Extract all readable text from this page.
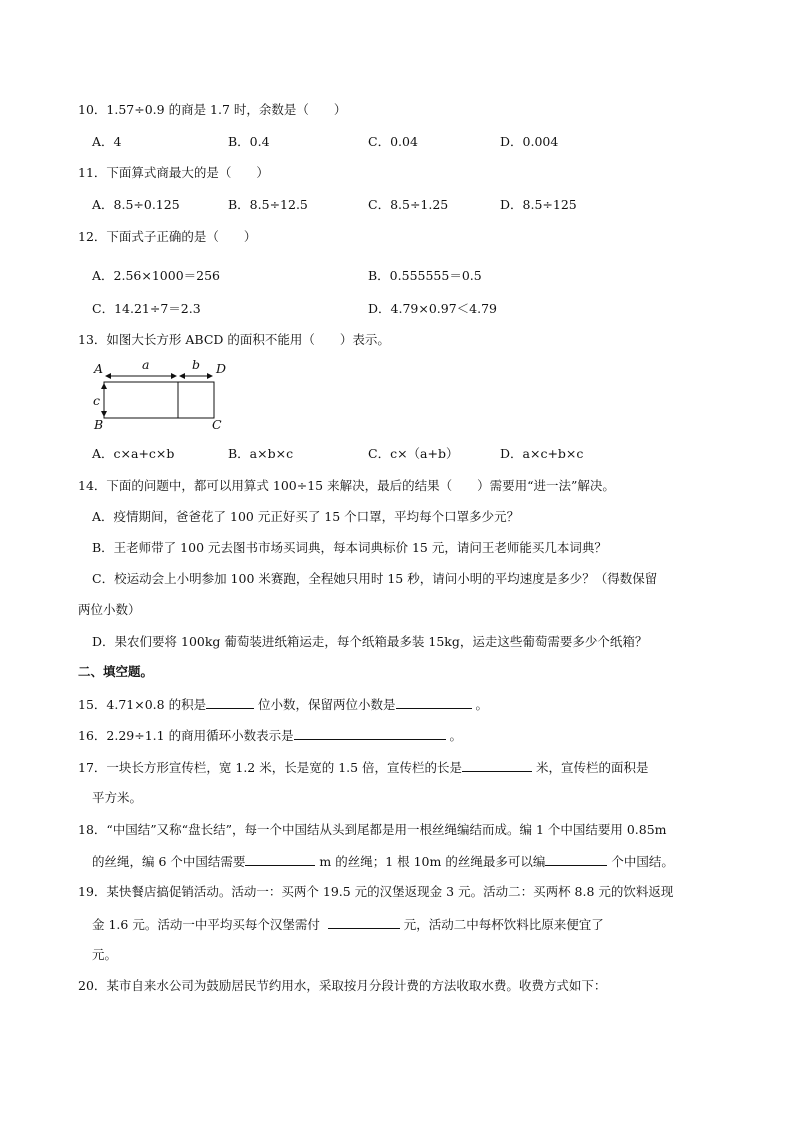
10．1.57÷0.9 的商是 1.7 时，余数是（　　）
A．4	B．0.4	C．0.04	D．0.004
11．下面算式商最大的是（　　）
A．8.5÷0.125	B．8.5÷12.5	C．8.5÷1.25	D．8.5÷125
12．下面式子正确的是（　　）
A．2.56×1000＝256	B．0.555555＝0.5
C．14.21÷7＝2.3	D．4.79×0.97＜4.79
13．如图大长方形 ABCD 的面积不能用（　　）表示。
A	D
a	b
c
B	C
A．c×a+c×b	B．a×b×c	C．c×（a+b）	D．a×c+b×c
14．下面的问题中，都可以用算式 100÷15 来解决，最后的结果（　　）需要用“进一法”解决。
A．疫情期间，爸爸花了 100 元正好买了 15 个口罩，平均每个口罩多少元？
B．王老师带了 100 元去图书市场买词典，每本词典标价 15 元，请问王老师能买几本词典？
C．校运动会上小明参加 100 米赛跑，全程她只用时 15 秒，请问小明的平均速度是多少？（得数保留
两位小数）
D．果农们要将 100kg 葡萄装进纸箱运走，每个纸箱最多装 15kg，运走这些葡萄需要多少个纸箱？
二、填空题。
15．4.71×0.8 的积是	位小数，保留两位小数是	。
16．2.29÷1.1 的商用循环小数表示是	。
17．一块长方形宣传栏，宽 1.2 米，长是宽的 1.5 倍，宣传栏的长是	米，宣传栏的面积是
平方米。
18．“中国结”又称“盘长结”，每一个中国结从头到尾都是用一根丝绳编结而成。编 1 个中国结要用 0.85m
的丝绳，编 6 个中国结需要	m 的丝绳；1 根 10m 的丝绳最多可以编	个中国结。
19．某快餐店搞促销活动。活动一：买两个 19.5 元的汉堡返现金 3 元。活动二：买两杯 8.8 元的饮料返现
金 1.6 元。活动一中平均买每个汉堡需付	元，活动二中每杯饮料比原来便宜了
元。
20．某市自来水公司为鼓励居民节约用水，采取按月分段计费的方法收取水费。收费方式如下：
